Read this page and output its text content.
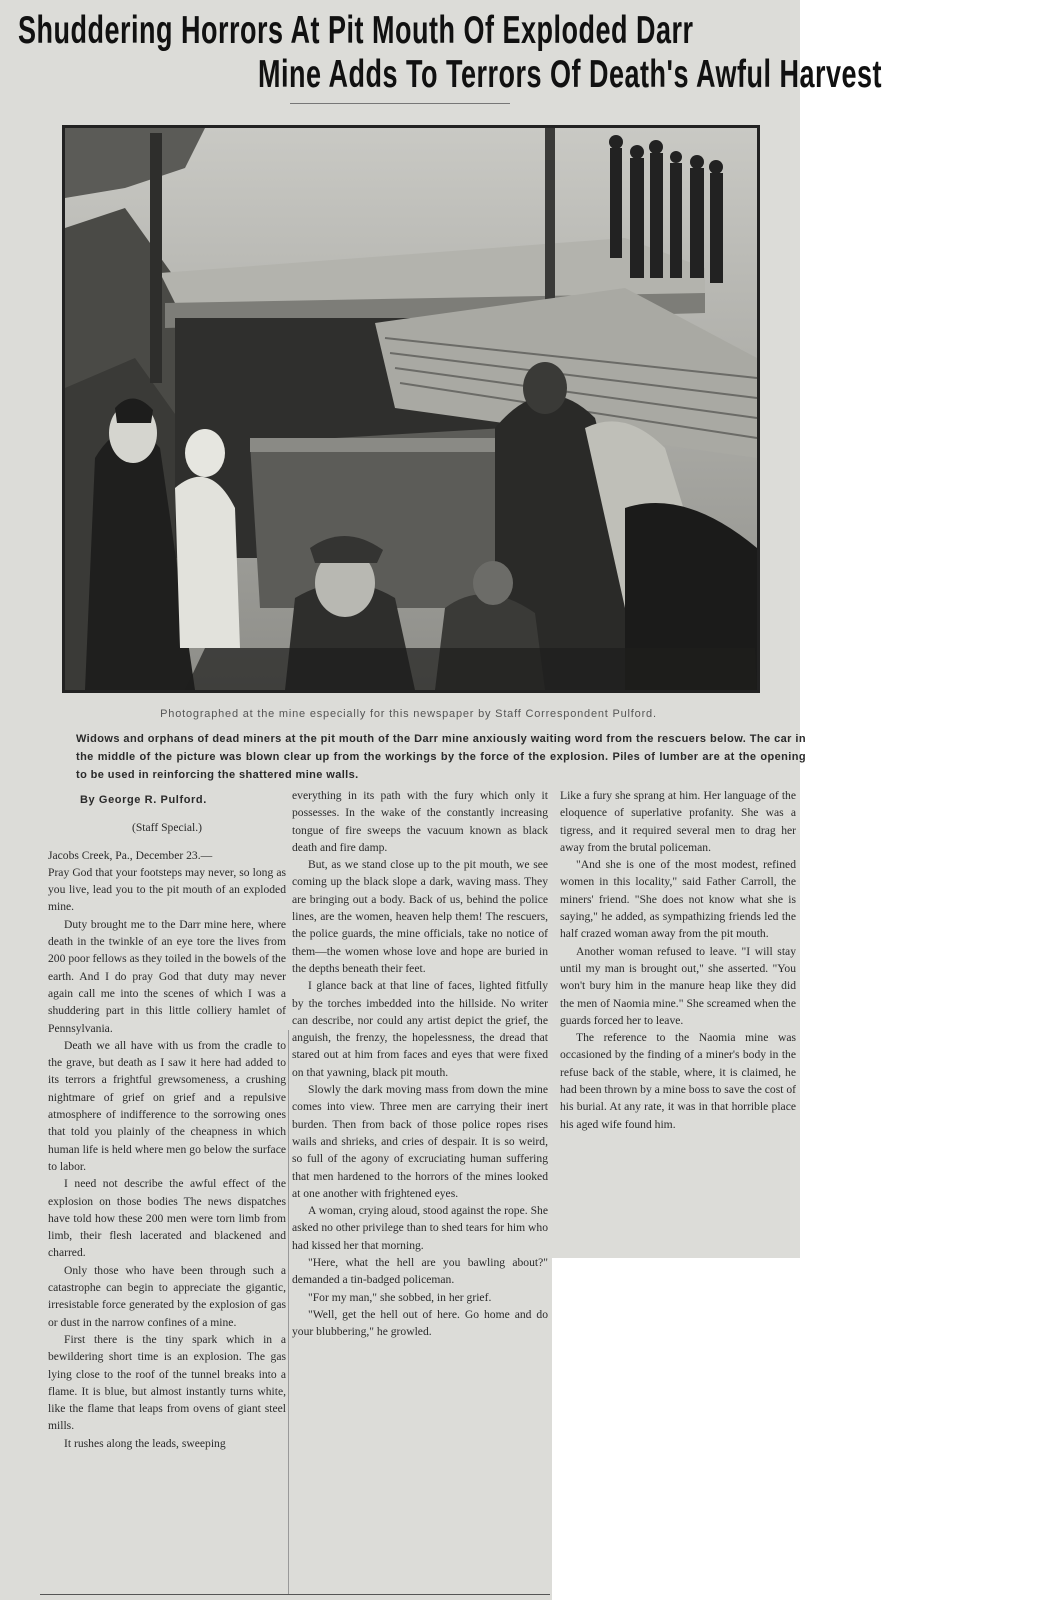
Shuddering Horrors At Pit Mouth Of Exploded Darr
Mine Adds To Terrors Of Death's Awful Harvest
Photographed at the mine especially for this newspaper by Staff Correspondent Pulford.
Widows and orphans of dead miners at the pit mouth of the Darr mine anxiously waiting word from the rescuers below. The car in the middle of the picture was blown clear up from the workings by the force of the explosion. Piles of lumber are at the opening to be used in reinforcing the shattered mine walls.

By George R. Pulford.

(Staff Special.)

Jacobs Creek, Pa., December 23.—

Pray God that your footsteps may never, so long as you live, lead you to the pit mouth of an exploded mine.

Duty brought me to the Darr mine here, where death in the twinkle of an eye tore the lives from 200 poor fellows as they toiled in the bowels of the earth. And I do pray God that duty may never again call me into the scenes of which I was a shuddering part in this little colliery hamlet of Pennsylvania.

Death we all have with us from the cradle to the grave, but death as I saw it here had added to its terrors a frightful grewsomeness, a crushing nightmare of grief on grief and a repulsive atmosphere of indifference to the sorrowing ones that told you plainly of the cheapness in which human life is held where men go below the surface to labor.

I need not describe the awful effect of the explosion on those bodies The news dispatches have told how these 200 men were torn limb from limb, their flesh lacerated and blackened and charred.

Only those who have been through such a catastrophe can begin to appreciate the gigantic, irresistable force generated by the explosion of gas or dust in the narrow confines of a mine.

First there is the tiny spark which in a bewildering short time is an explosion. The gas lying close to the roof of the tunnel breaks into a flame. It is blue, but almost instantly turns white, like the flame that leaps from ovens of giant steel mills.

It rushes along the leads, sweeping

everything in its path with the fury which only it possesses. In the wake of the constantly increasing tongue of fire sweeps the vacuum known as black death and fire damp.

But, as we stand close up to the pit mouth, we see coming up the black slope a dark, waving mass. They are bringing out a body. Back of us, behind the police lines, are the women, heaven help them! The rescuers, the police guards, the mine officials, take no notice of them—the women whose love and hope are buried in the depths beneath their feet.

I glance back at that line of faces, lighted fitfully by the torches imbedded into the hillside. No writer can describe, nor could any artist depict the grief, the anguish, the frenzy, the hopelessness, the dread that stared out at him from faces and eyes that were fixed on that yawning, black pit mouth.

Slowly the dark moving mass from down the mine comes into view. Three men are carrying their inert burden. Then from back of those police ropes rises wails and shrieks, and cries of despair. It is so weird, so full of the agony of excruciating human suffering that men hardened to the horrors of the mines looked at one another with frightened eyes.

A woman, crying aloud, stood against the rope. She asked no other privilege than to shed tears for him who had kissed her that morning.

"Here, what the hell are you bawling about?" demanded a tin-badged policeman.

"For my man," she sobbed, in her grief.

"Well, get the hell out of here. Go home and do your blubbering," he growled.

Like a fury she sprang at him. Her language of the eloquence of superlative profanity. She was a tigress, and it required several men to drag her away from the brutal policeman.

"And she is one of the most modest, refined women in this locality," said Father Carroll, the miners' friend. "She does not know what she is saying," he added, as sympathizing friends led the half crazed woman away from the pit mouth.

Another woman refused to leave. "I will stay until my man is brought out," she asserted. "You won't bury him in the manure heap like they did the men of Naomia mine." She screamed when the guards forced her to leave.

The reference to the Naomia mine was occasioned by the finding of a miner's body in the refuse back of the stable, where, it is claimed, he had been thrown by a mine boss to save the cost of his burial. At any rate, it was in that horrible place his aged wife found him.
